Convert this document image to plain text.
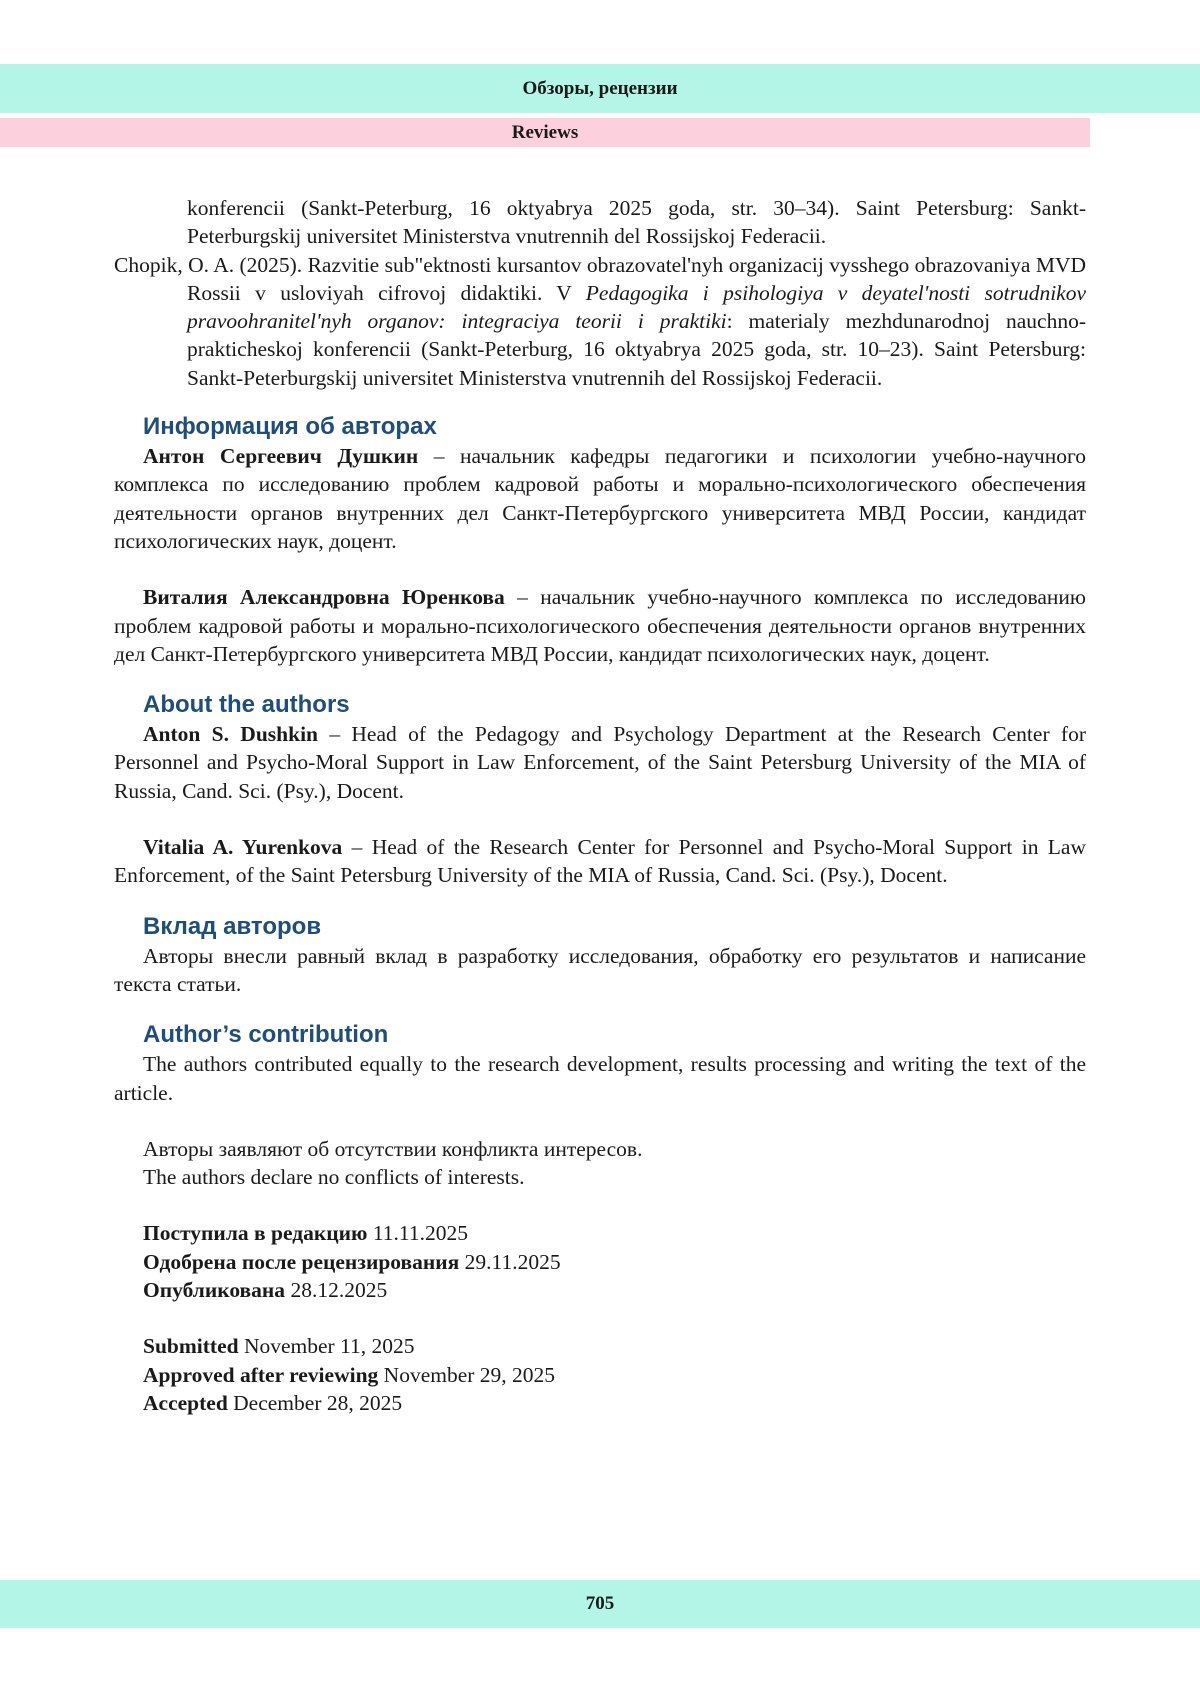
Обзоры, рецензии
Reviews

konferencii (Sankt-Peterburg, 16 oktyabrya 2025 goda, str. 30–34). Saint Petersburg: Sankt-Peterburgskij universitet Ministerstva vnutrennih del Rossijskoj Federacii.

Chopik, O. A. (2025). Razvitie sub"ektnosti kursantov obrazovatel'nyh organizacij vysshego obrazovaniya MVD Rossii v usloviyah cifrovoj didaktiki. V Pedagogika i psihologiya v deyatel'nosti sotrudnikov pravoohranitel'nyh organov: integraciya teorii i praktiki: materialy mezhdunarodnoj nauchno-prakticheskoj konferencii (Sankt-Peterburg, 16 oktyabrya 2025 goda, str. 10–23). Saint Petersburg: Sankt-Peterburgskij universitet Ministerstva vnutrennih del Rossijskoj Federacii.

Информация об авторах

Антон Сергеевич Душкин – начальник кафедры педагогики и психологии учебно-научного комплекса по исследованию проблем кадровой работы и морально-психологического обеспечения деятельности органов внутренних дел Санкт-Петербургского университета МВД России, кандидат психологических наук, доцент.

Виталия Александровна Юренкова – начальник учебно-научного комплекса по исследованию проблем кадровой работы и морально-психологического обеспечения деятельности органов внутренних дел Санкт-Петербургского университета МВД России, кандидат психологических наук, доцент.

About the authors

Anton S. Dushkin – Head of the Pedagogy and Psychology Department at the Research Center for Personnel and Psycho-Moral Support in Law Enforcement, of the Saint Petersburg University of the MIA of Russia, Cand. Sci. (Psy.), Docent.

Vitalia A. Yurenkova – Head of the Research Center for Personnel and Psycho-Moral Support in Law Enforcement, of the Saint Petersburg University of the MIA of Russia, Cand. Sci. (Psy.), Docent.

Вклад авторов

Авторы внесли равный вклад в разработку исследования, обработку его результатов и написание текста статьи.

Author’s contribution

The authors contributed equally to the research development, results processing and writing the text of the article.

Авторы заявляют об отсутствии конфликта интересов.

The authors declare no conflicts of interests.

Поступила в редакцию 11.11.2025

Одобрена после рецензирования 29.11.2025

Опубликована 28.12.2025

Submitted November 11, 2025

Approved after reviewing November 29, 2025

Accepted December 28, 2025

705
